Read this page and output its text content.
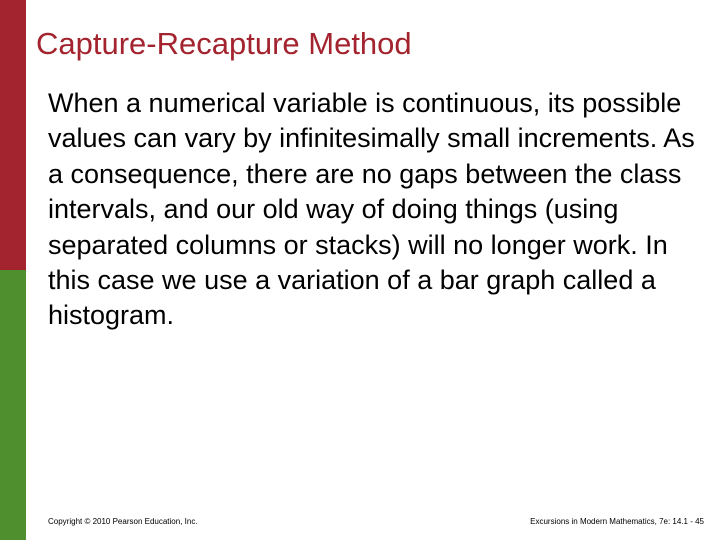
Capture-Recapture Method

When a numerical variable is continuous, its possible values can vary by infinitesimally small increments. As a consequence, there are no gaps between the class intervals, and our old way of doing things (using separated columns or stacks) will no longer work. In this case we use a variation of a bar graph called a histogram.

Copyright © 2010 Pearson Education, Inc.	Excursions in Modern Mathematics, 7e: 14.1 - 45
